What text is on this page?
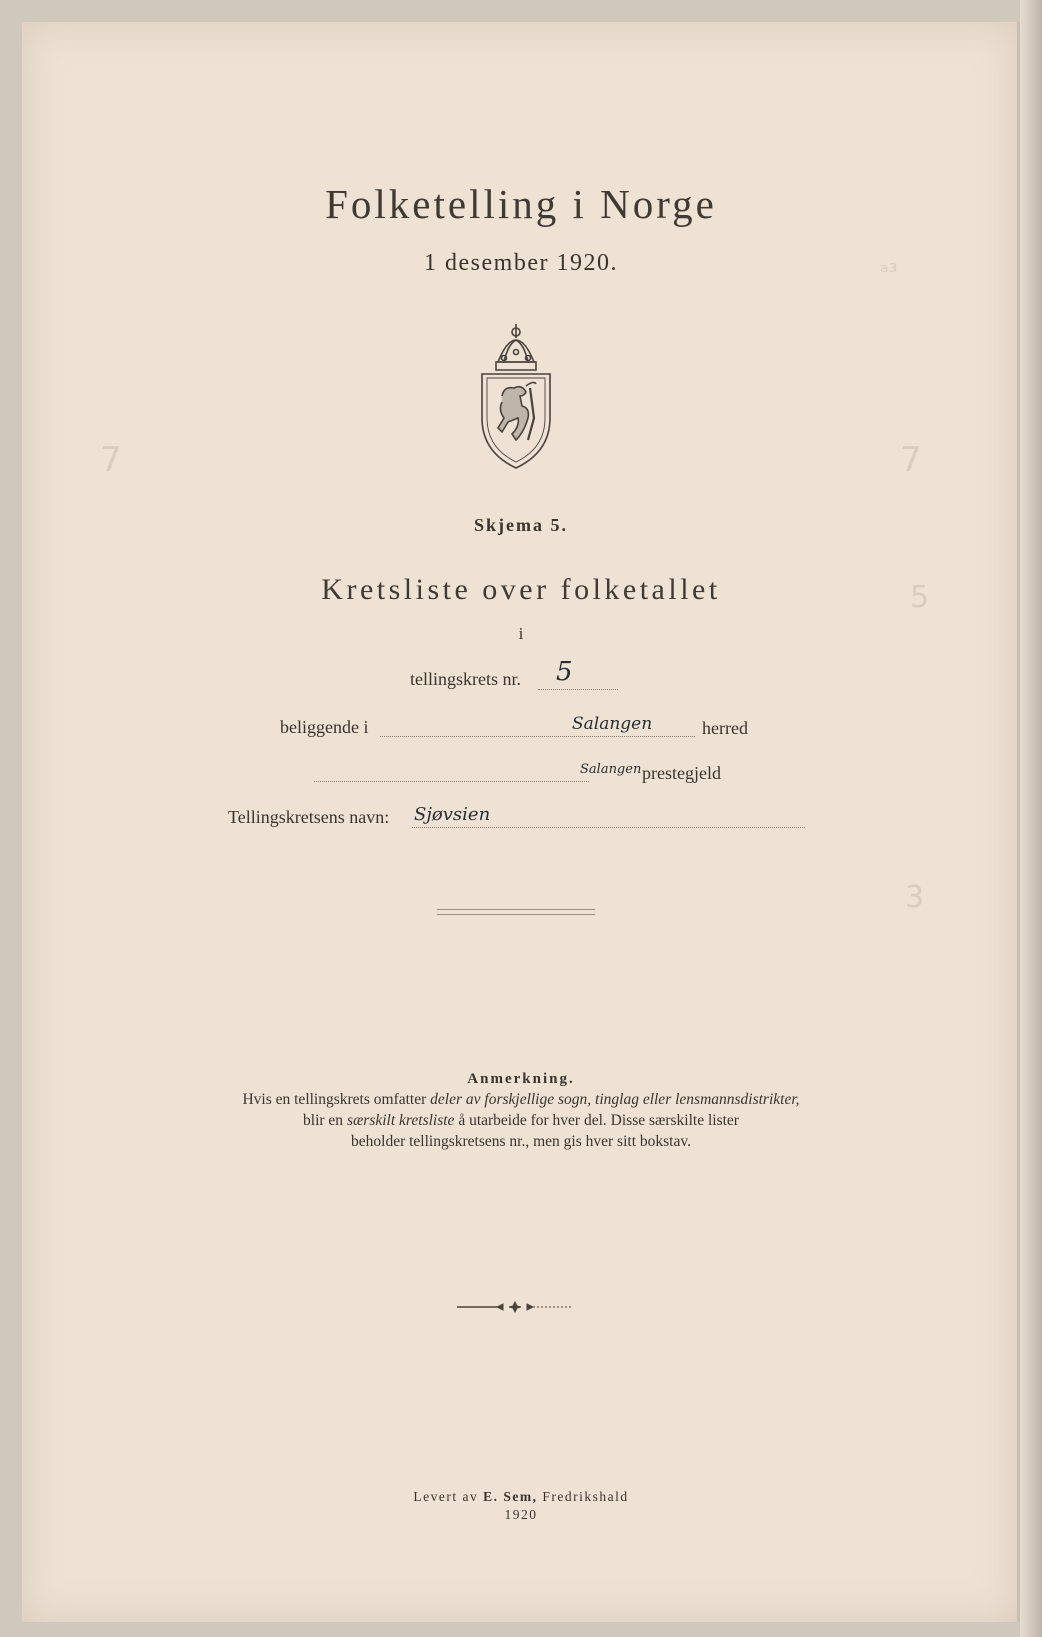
ᵃ³
7	7
5
3
Folketelling i Norge
1 desember 1920.
Skjema 5.
Kretsliste over folketallet
i
tellingskrets nr. 5
beliggende i	Salangen	herred
Salangen prestegjeld
Tellingskretsens navn: Sjøvsien
Anmerkning.
Hvis en tellingskrets omfatter deler av forskjellige sogn, tinglag eller lensmannsdistrikter,
blir en særskilt kretsliste å utarbeide for hver del. Disse særskilte lister
beholder tellingskretsens nr., men gis hver sitt bokstav.
Levert av E. Sem, Fredrikshald
1920
